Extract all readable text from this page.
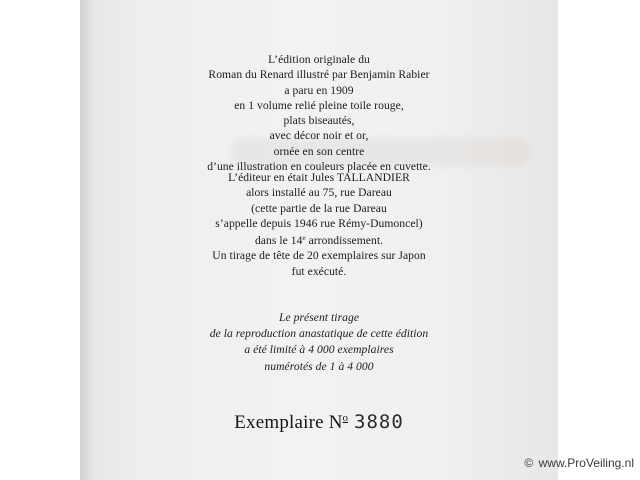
L’édition originale du
Roman du Renard illustré par Benjamin Rabier
a paru en 1909
en 1 volume relié pleine toile rouge,
plats biseautés,
avec décor noir et or,
ornée en son centre
d’une illustration en couleurs placée en cuvette.
L’éditeur en était Jules TALLANDIER
alors installé au 75, rue Dareau
(cette partie de la rue Dareau
s’appelle depuis 1946 rue Rémy-Dumoncel)
dans le 14e arrondissement.
Un tirage de tête de 20 exemplaires sur Japon
fut exécuté.
Le présent tirage
de la reproduction anastatique de cette édition
a été limité à 4 000 exemplaires
numérotés de 1 à 4 000
Exemplaire $N^o$ 3880
© www.ProVeiling.nl
